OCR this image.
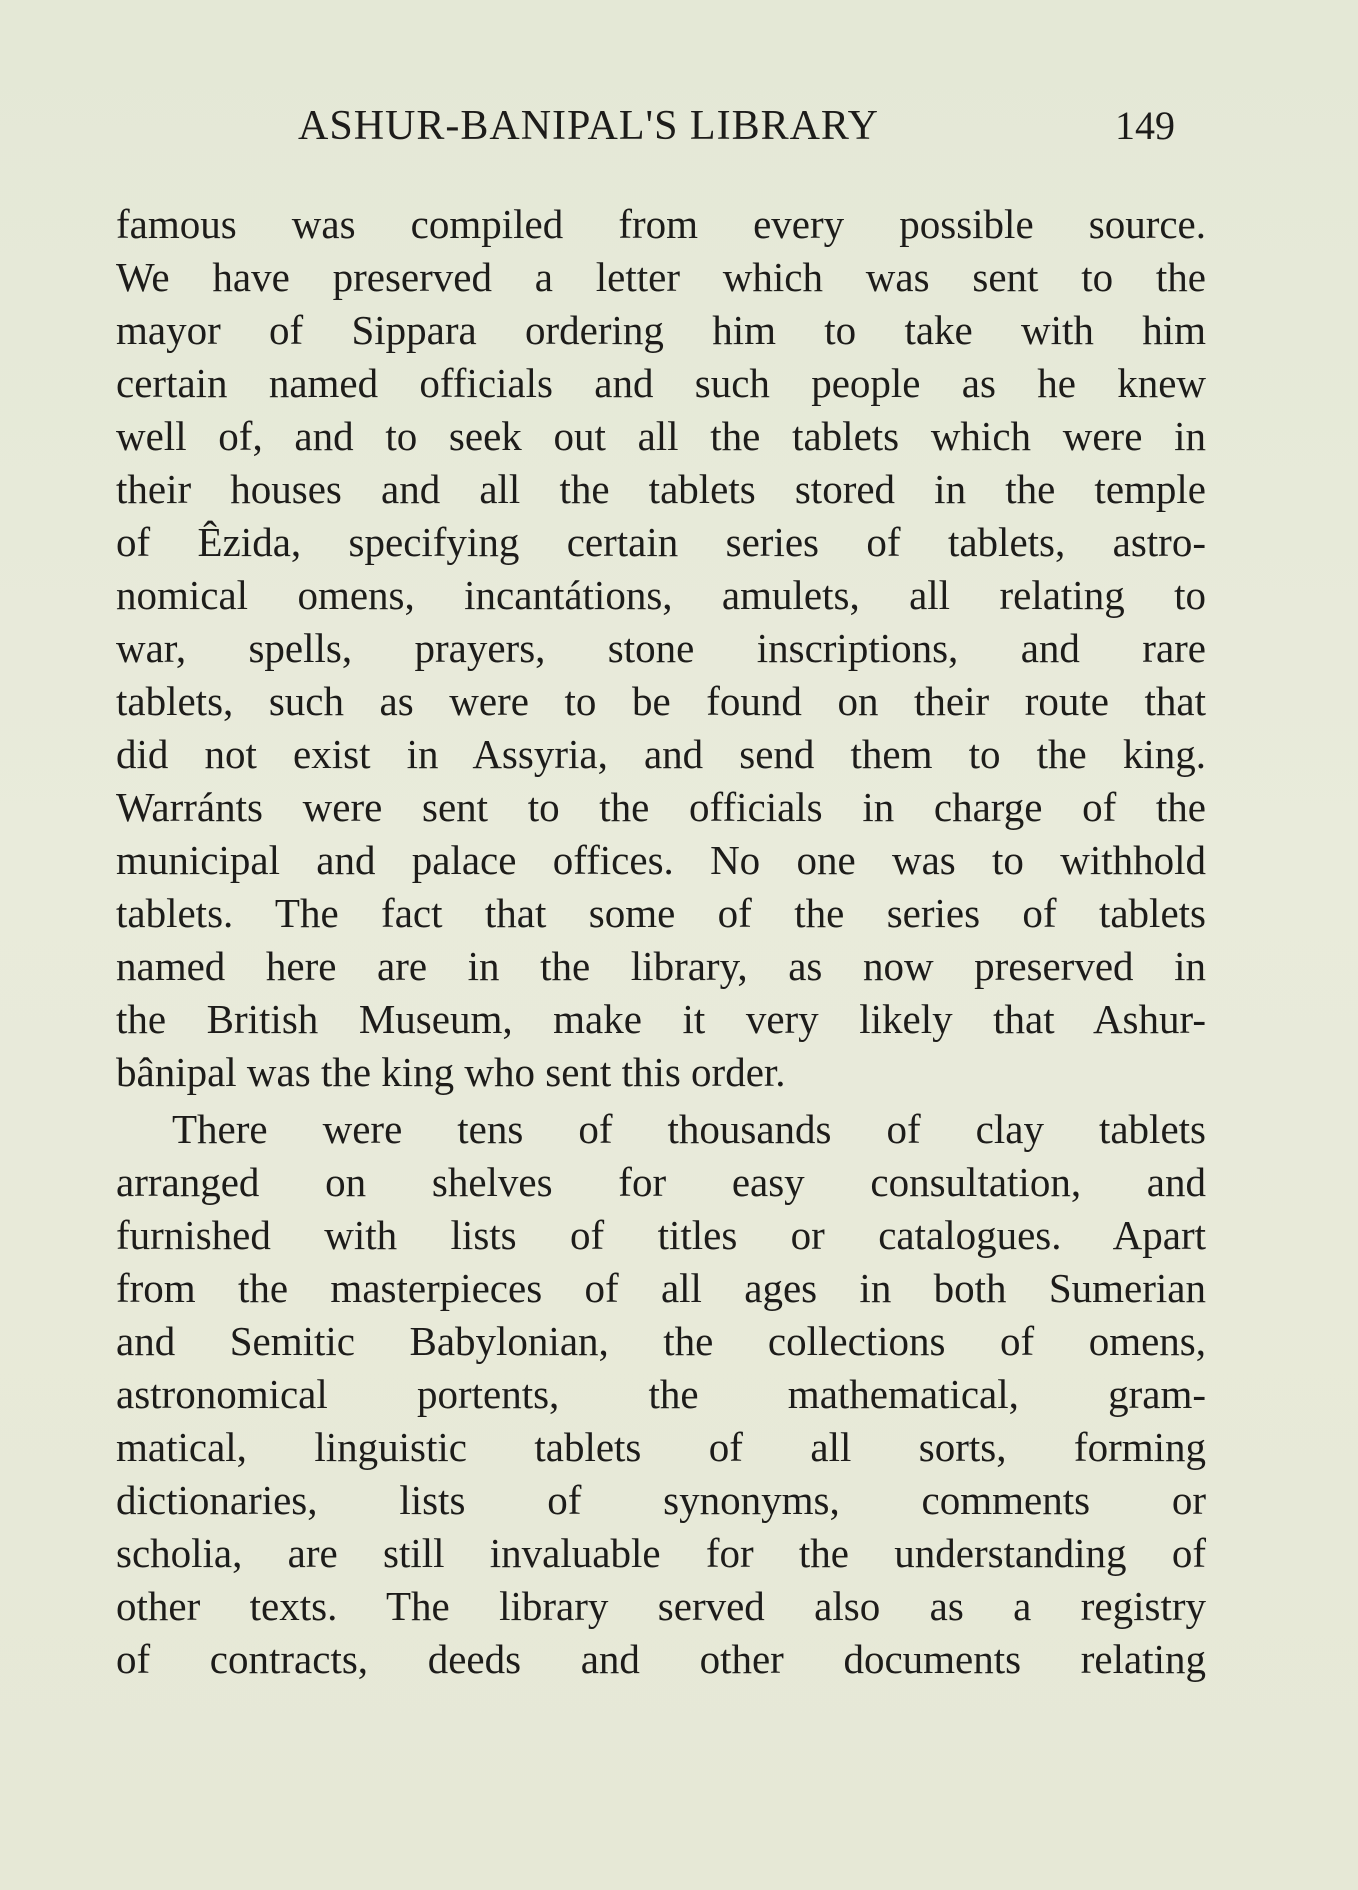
ASHUR-BANIPAL'S LIBRARY	149
famous was compiled from every possible source.
We have preserved a letter which was sent to the
mayor of Sippara ordering him to take with him
certain named officials and such people as he knew
well of, and to seek out all the tablets which were in
their houses and all the tablets stored in the temple
of Êzida, specifying certain series of tablets, astro-
nomical omens, incantátions, amulets, all relating to
war, spells, prayers, stone inscriptions, and rare
tablets, such as were to be found on their route that
did not exist in Assyria, and send them to the king.
Warránts were sent to the officials in charge of the
municipal and palace offices. No one was to withhold
tablets. The fact that some of the series of tablets
named here are in the library, as now preserved in
the British Museum, make it very likely that Ashur-
bânipal was the king who sent this order.
There were tens of thousands of clay tablets
arranged on shelves for easy consultation, and
furnished with lists of titles or catalogues. Apart
from the masterpieces of all ages in both Sumerian
and Semitic Babylonian, the collections of omens,
astronomical portents, the mathematical, gram-
matical, linguistic tablets of all sorts, forming
dictionaries, lists of synonyms, comments or
scholia, are still invaluable for the understanding of
other texts. The library served also as a registry
of contracts, deeds and other documents relating
